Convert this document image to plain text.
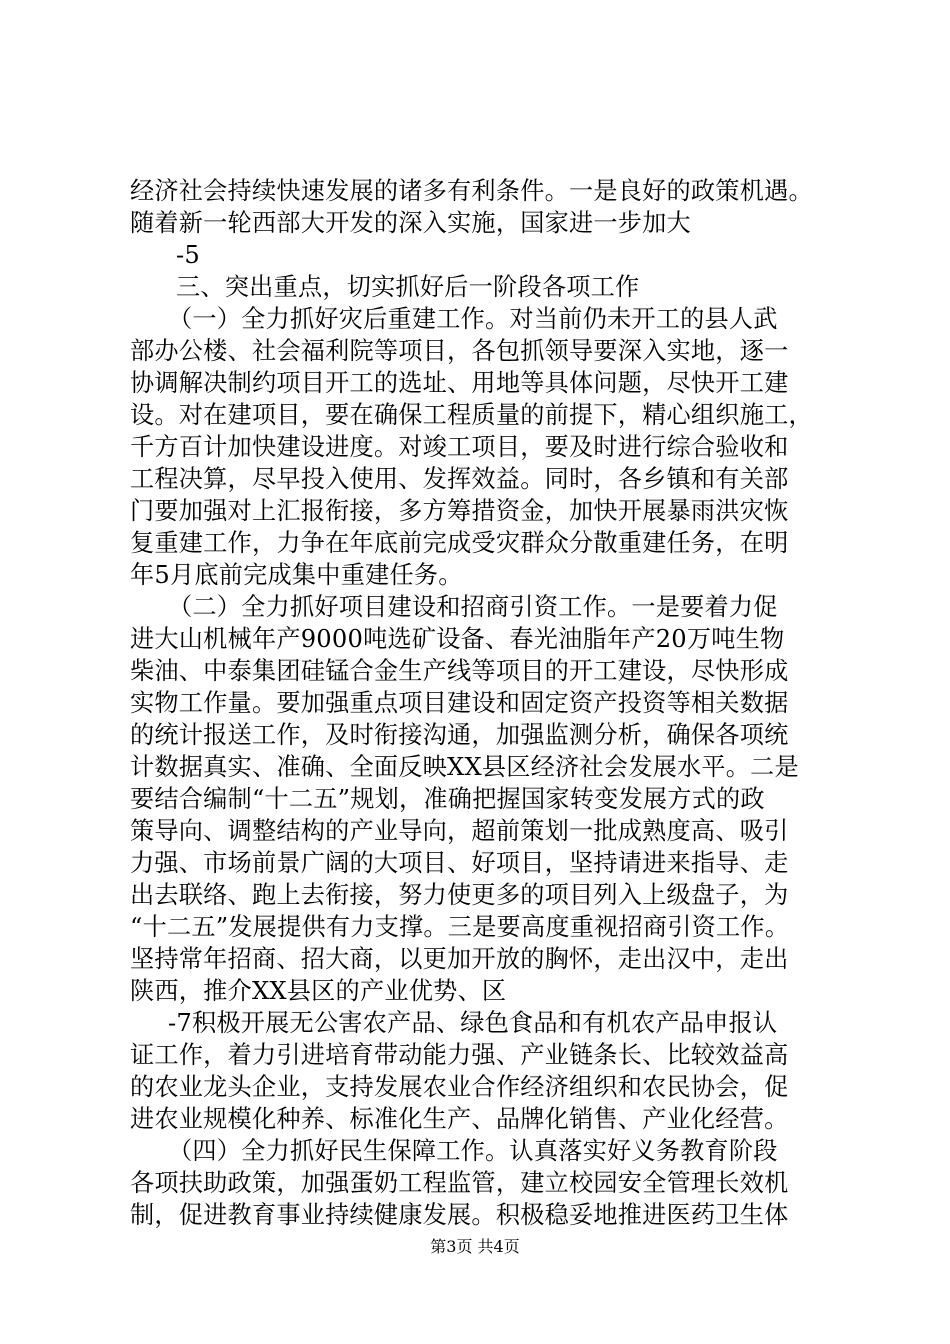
经济社会持续快速发展的诸多有利条件。一是良好的政策机遇。
随着新一轮西部大开发的深入实施，国家进一步加大
-5
三、突出重点，切实抓好后一阶段各项工作
（一）全力抓好灾后重建工作。对当前仍未开工的县人武
部办公楼、社会福利院等项目，各包抓领导要深入实地，逐一
协调解决制约项目开工的选址、用地等具体问题，尽快开工建
设。对在建项目，要在确保工程质量的前提下，精心组织施工，
千方百计加快建设进度。对竣工项目，要及时进行综合验收和
工程决算，尽早投入使用、发挥效益。同时，各乡镇和有关部
门要加强对上汇报衔接，多方筹措资金，加快开展暴雨洪灾恢
复重建工作，力争在年底前完成受灾群众分散重建任务，在明
年5月底前完成集中重建任务。
（二）全力抓好项目建设和招商引资工作。一是要着力促
进大山机械年产9000吨选矿设备、春光油脂年产20万吨生物
柴油、中泰集团硅锰合金生产线等项目的开工建设，尽快形成
实物工作量。要加强重点项目建设和固定资产投资等相关数据
的统计报送工作，及时衔接沟通，加强监测分析，确保各项统
计数据真实、准确、全面反映XX县区经济社会发展水平。二是
要结合编制“十二五”规划，准确把握国家转变发展方式的政
策导向、调整结构的产业导向，超前策划一批成熟度高、吸引
力强、市场前景广阔的大项目、好项目，坚持请进来指导、走
出去联络、跑上去衔接，努力使更多的项目列入上级盘子，为
“十二五”发展提供有力支撑。三是要高度重视招商引资工作。
坚持常年招商、招大商，以更加开放的胸怀，走出汉中，走出
陕西，推介XX县区的产业优势、区
-7积极开展无公害农产品、绿色食品和有机农产品申报认
证工作，着力引进培育带动能力强、产业链条长、比较效益高
的农业龙头企业，支持发展农业合作经济组织和农民协会，促
进农业规模化种养、标准化生产、品牌化销售、产业化经营。
（四）全力抓好民生保障工作。认真落实好义务教育阶段
各项扶助政策，加强蛋奶工程监管，建立校园安全管理长效机
制，促进教育事业持续健康发展。积极稳妥地推进医药卫生体
第3页 共4页
